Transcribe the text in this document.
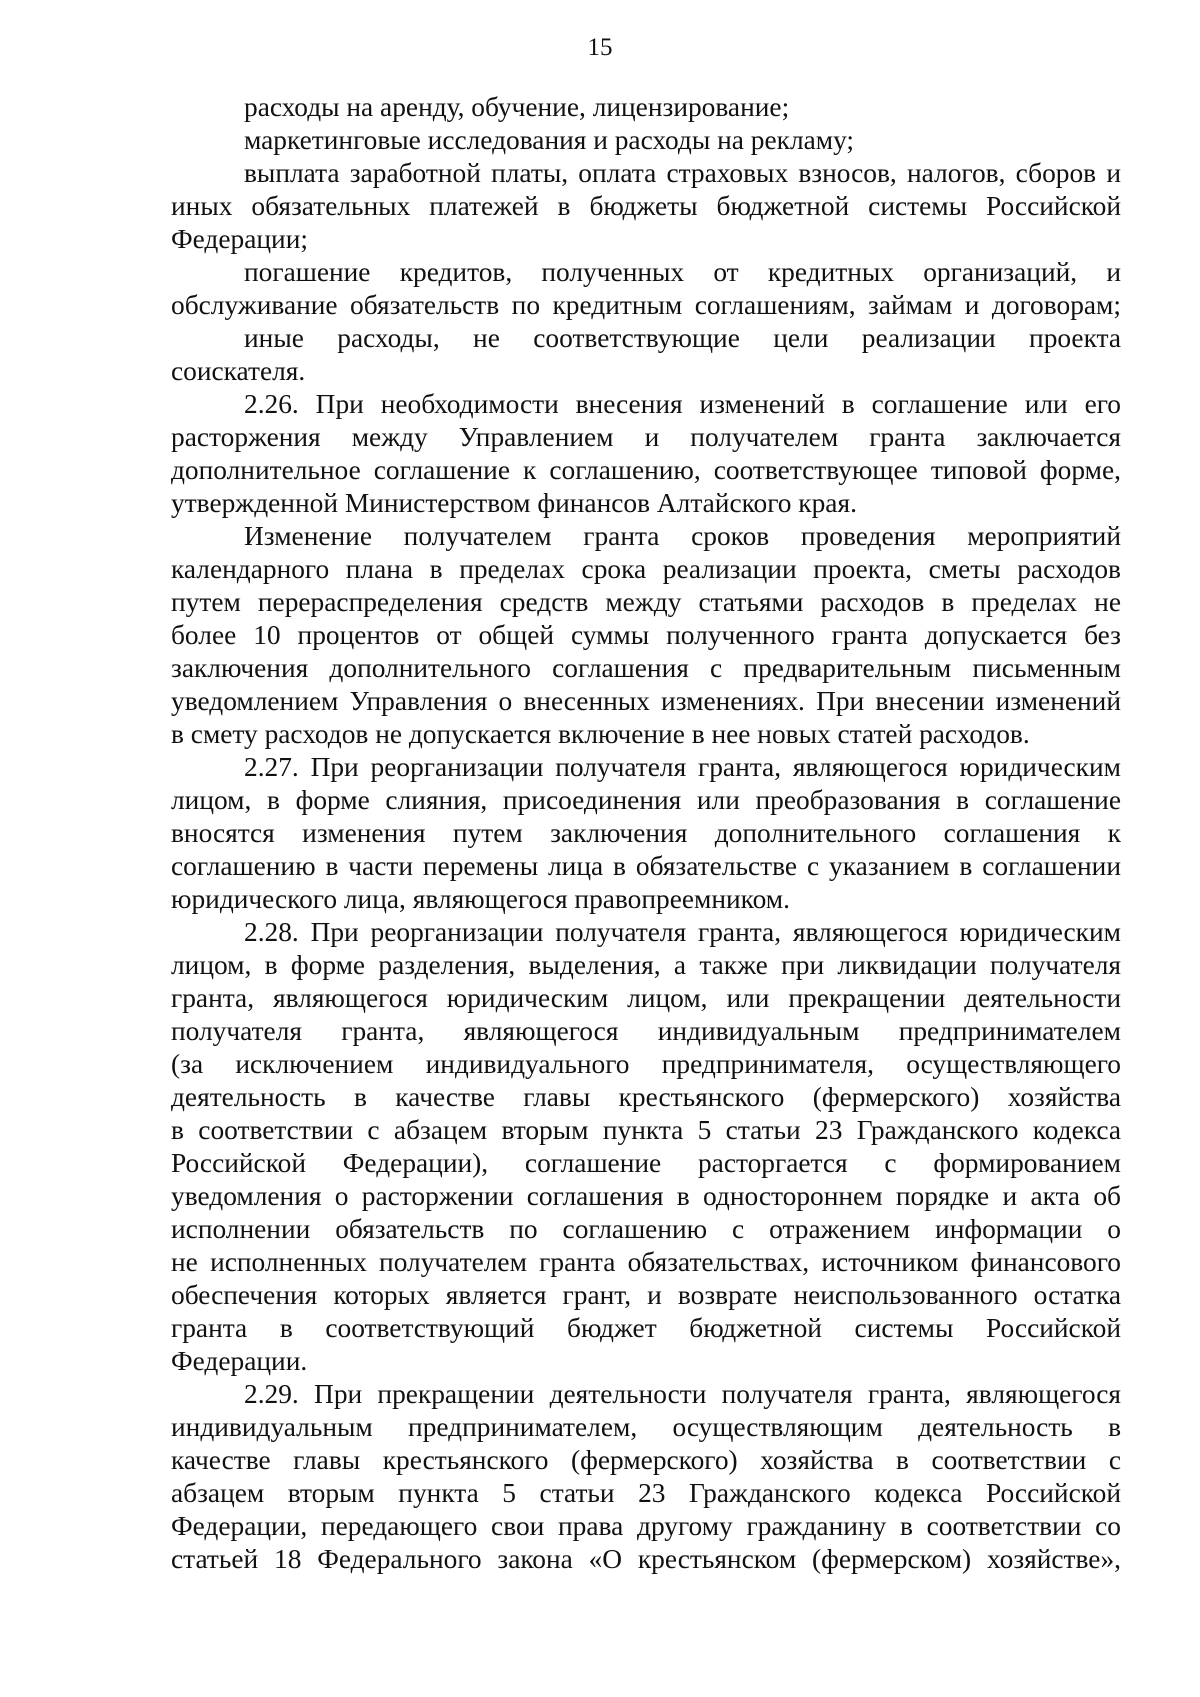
15
расходы на аренду, обучение, лицензирование;
маркетинговые исследования и расходы на рекламу;
выплата заработной платы, оплата страховых взносов, налогов, сборов и
иных обязательных платежей в бюджеты бюджетной системы Российской
Федерации;
погашение кредитов, полученных от кредитных организаций, и
обслуживание обязательств по кредитным соглашениям, займам и договорам;
иные расходы, не соответствующие цели реализации проекта
соискателя.
2.26. При необходимости внесения изменений в соглашение или его
расторжения между Управлением и получателем гранта заключается
дополнительное соглашение к соглашению, соответствующее типовой форме,
утвержденной Министерством финансов Алтайского края.
Изменение получателем гранта сроков проведения мероприятий
календарного плана в пределах срока реализации проекта, сметы расходов
путем перераспределения средств между статьями расходов в пределах не
более 10 процентов от общей суммы полученного гранта допускается без
заключения дополнительного соглашения с предварительным письменным
уведомлением Управления о внесенных изменениях. При внесении изменений
в смету расходов не допускается включение в нее новых статей расходов.
2.27. При реорганизации получателя гранта, являющегося юридическим
лицом, в форме слияния, присоединения или преобразования в соглашение
вносятся изменения путем заключения дополнительного соглашения к
соглашению в части перемены лица в обязательстве с указанием в соглашении
юридического лица, являющегося правопреемником.
2.28. При реорганизации получателя гранта, являющегося юридическим
лицом, в форме разделения, выделения, а также при ликвидации получателя
гранта, являющегося юридическим лицом, или прекращении деятельности
получателя гранта, являющегося индивидуальным предпринимателем
(за исключением индивидуального предпринимателя, осуществляющего
деятельность в качестве главы крестьянского (фермерского) хозяйства
в соответствии с абзацем вторым пункта 5 статьи 23 Гражданского кодекса
Российской Федерации), соглашение расторгается с формированием
уведомления о расторжении соглашения в одностороннем порядке и акта об
исполнении обязательств по соглашению с отражением информации о
не исполненных получателем гранта обязательствах, источником финансового
обеспечения которых является грант, и возврате неиспользованного остатка
гранта в соответствующий бюджет бюджетной системы Российской
Федерации.
2.29. При прекращении деятельности получателя гранта, являющегося
индивидуальным предпринимателем, осуществляющим деятельность в
качестве главы крестьянского (фермерского) хозяйства в соответствии с
абзацем вторым пункта 5 статьи 23 Гражданского кодекса Российской
Федерации, передающего свои права другому гражданину в соответствии со
статьей 18 Федерального закона «О крестьянском (фермерском) хозяйстве»,
